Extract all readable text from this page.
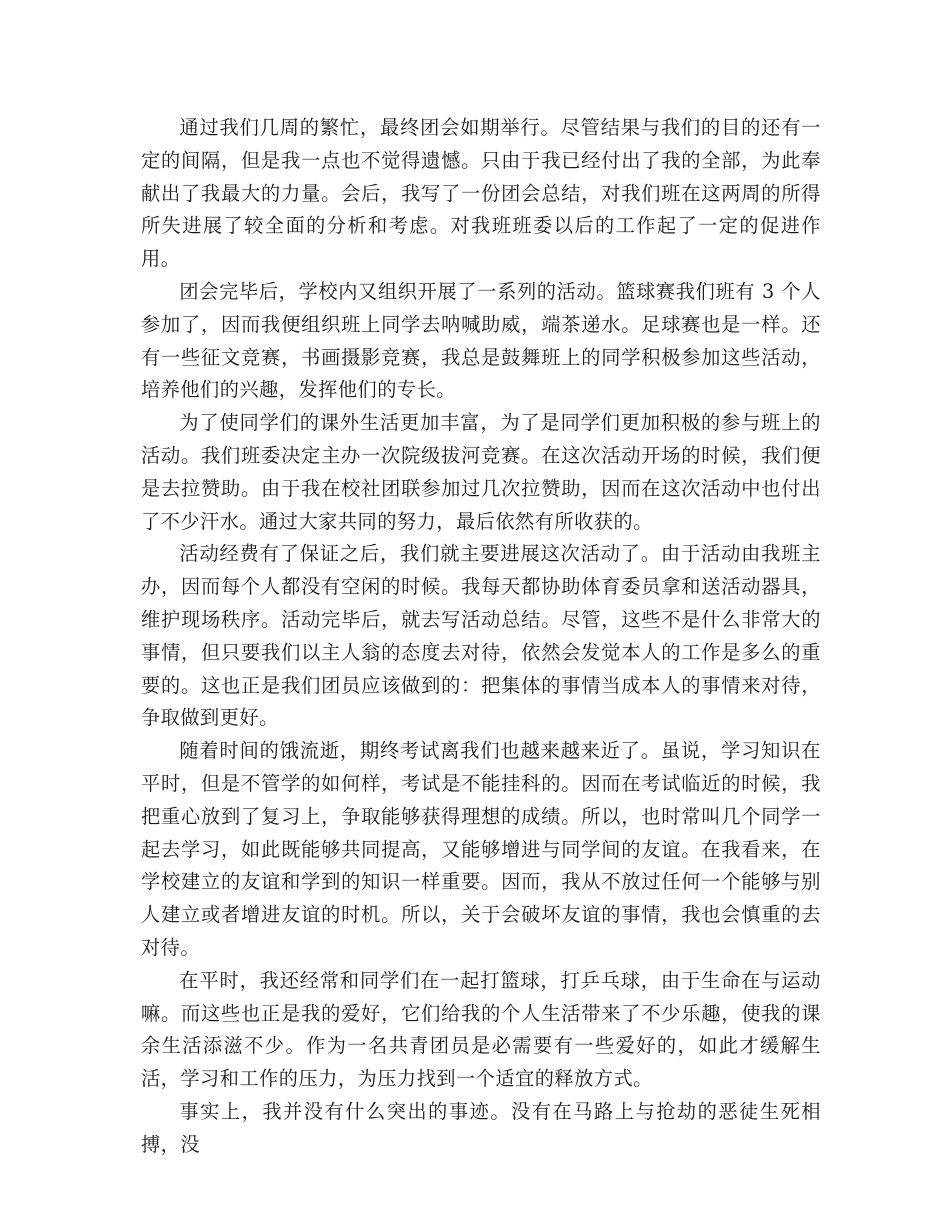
通过我们几周的繁忙，最终团会如期举行。尽管结果与我们的目的还有一定的间隔，但是我一点也不觉得遗憾。只由于我已经付出了我的全部，为此奉献出了我最大的力量。会后，我写了一份团会总结，对我们班在这两周的所得所失进展了较全面的分析和考虑。对我班班委以后的工作起了一定的促进作用。

团会完毕后，学校内又组织开展了一系列的活动。篮球赛我们班有 3 个人参加了，因而我便组织班上同学去呐喊助威，端茶递水。足球赛也是一样。还有一些征文竞赛，书画摄影竞赛，我总是鼓舞班上的同学积极参加这些活动，培养他们的兴趣，发挥他们的专长。

为了使同学们的课外生活更加丰富，为了是同学们更加积极的参与班上的活动。我们班委决定主办一次院级拔河竞赛。在这次活动开场的时候，我们便是去拉赞助。由于我在校社团联参加过几次拉赞助，因而在这次活动中也付出了不少汗水。通过大家共同的努力，最后依然有所收获的。

活动经费有了保证之后，我们就主要进展这次活动了。由于活动由我班主办，因而每个人都没有空闲的时候。我每天都协助体育委员拿和送活动器具，维护现场秩序。活动完毕后，就去写活动总结。尽管，这些不是什么非常大的事情，但只要我们以主人翁的态度去对待，依然会发觉本人的工作是多么的重要的。这也正是我们团员应该做到的：把集体的事情当成本人的事情来对待，争取做到更好。

随着时间的饿流逝，期终考试离我们也越来越来近了。虽说，学习知识在平时，但是不管学的如何样，考试是不能挂科的。因而在考试临近的时候，我把重心放到了复习上，争取能够获得理想的成绩。所以，也时常叫几个同学一起去学习，如此既能够共同提高，又能够增进与同学间的友谊。在我看来，在学校建立的友谊和学到的知识一样重要。因而，我从不放过任何一个能够与别人建立或者增进友谊的时机。所以，关于会破坏友谊的事情，我也会慎重的去对待。

在平时，我还经常和同学们在一起打篮球，打乒乓球，由于生命在与运动嘛。而这些也正是我的爱好，它们给我的个人生活带来了不少乐趣，使我的课余生活添滋不少。作为一名共青团员是必需要有一些爱好的，如此才缓解生活，学习和工作的压力，为压力找到一个适宜的释放方式。

事实上，我并没有什么突出的事迹。没有在马路上与抢劫的恶徒生死相搏，没
